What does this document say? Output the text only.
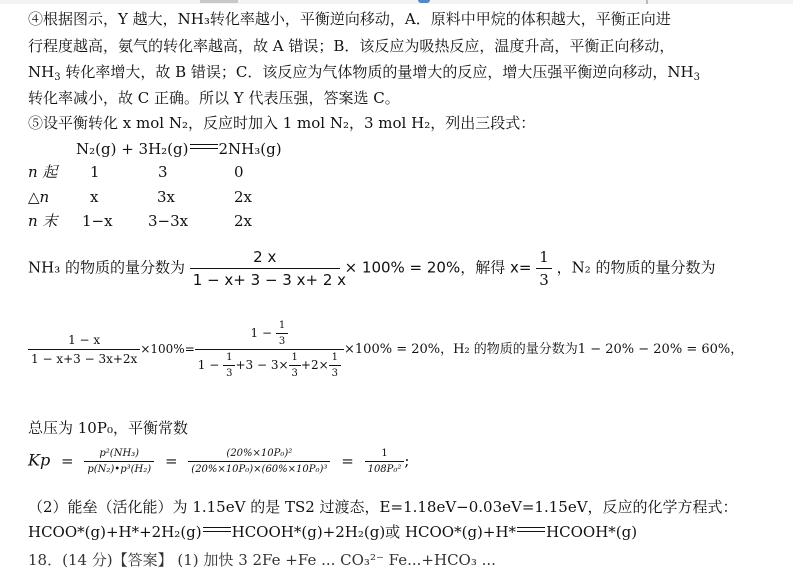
④根据图示，Y 越大，NH₃转化率越小，平衡逆向移动，A．原料中甲烷的体积越大，平衡正向进
行程度越高，氨气的转化率越高，故 A 错误；B．该反应为吸热反应，温度升高，平衡正向移动，
$NH_3$ 转化率增大，故 B 错误；C．该反应为气体物质的量增大的反应，增大压强平衡逆向移动，$NH_3$
转化率减小，故 C 正确。所以 Y 代表压强，答案选 C。
⑤设平衡转化 x mol N₂，反应时加入 1 mol N₂，3 mol H₂，列出三段式：
N₂(g) + 3H₂(g) 2NH₃(g)
n 起 1	3	0
△n	x	3x	2x
n 末 1−x 3−3x	2x
NH₃ 的物质的量分数为 $\frac{2 x}{1 - x+ 3 - 3 x+ 2 x} \times 100\% = 20\%$，解得 $x= \frac{1}{3}$ ，N₂ 的物质的量分数为
$\frac{1 - x}{1 - x+3 - 3x+2x} \times 100\%= \frac{1 - \frac{1}{3}}{1 - \frac{1}{3} +3 - 3\times \frac{1}{3} +2\times \frac{1}{3}} \times 100\% = 20\%$，H₂ 的物质的量分数为1 − 20% − 20% = 60%，
总压为 10P₀，平衡常数
$Kp = \frac{\text{p²(NH₃)}}{\text{p(N₂)•p³(H₂)}} = \frac{\text{(20\%×10P₀)²}}{\text{(20\%×10P₀)×(60\%×10P₀)³}} = \frac{1}{\text{108P₀²}}$ ;
（2）能垒（活化能）为 1.15eV 的是 TS2 过渡态，E=1.18eV−0.03eV=1.15eV，反应的化学方程式：
HCOO*(g)+H*+2H₂(g) HCOOH*(g)+2H₂(g)或 HCOO*(g)+H* HCOOH*(g)
18．(14 分)【答案】 (1) 加快 3 2Fe +Fe ... CO₃²⁻ Fe...+HCO₃ ...
